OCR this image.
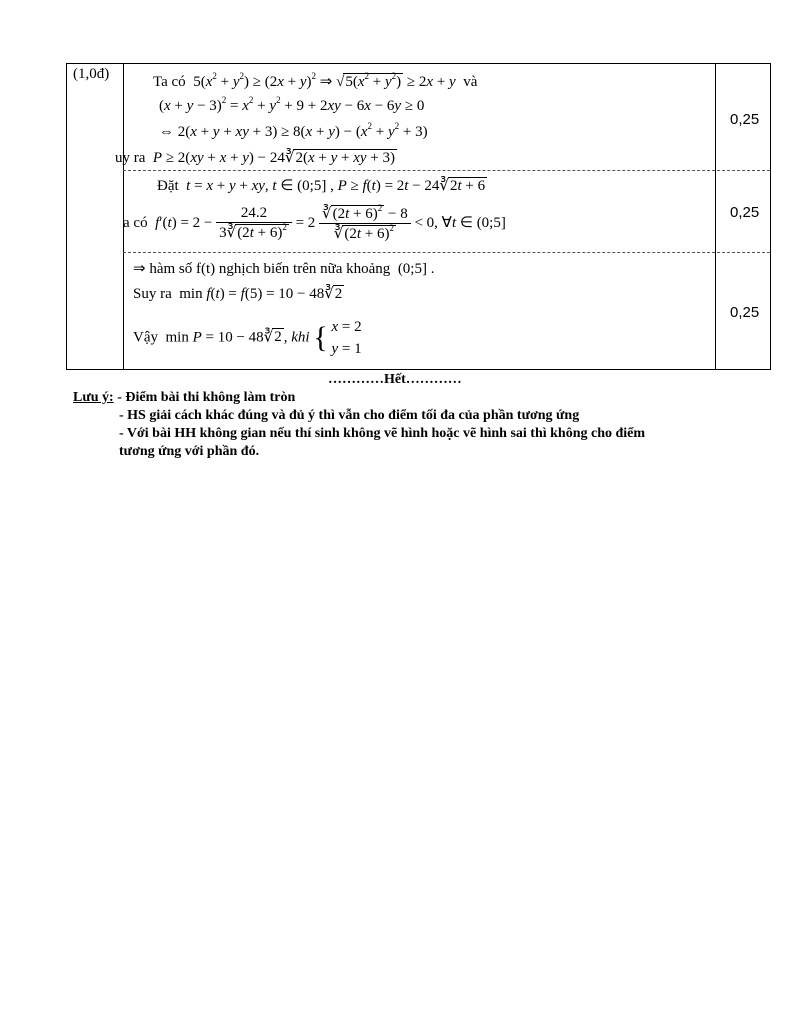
(1,0đ)	Ta có  $5(x^2 + y^2) \ge (2x + y)^2$ ⇒ $√5(x^2 + y^2) \ge 2x + y$ và
$(x + y - 3)^2 = x^2 + y^2 + 9 + 2xy - 6x - 6y \ge 0$
⇔ 2(x + y + xy + $3) \ge 8(x + y) - (x^2 + y^2 + 3)$
uy ra P ≥ 2(xy + x + y) − 24∛2(x + y + xy + 3)
0,25
Đặt t = x + y + xy, t ∈ (0;5] , P ≥ f(t) = 2t − 24∛2t + 6
a có $f'(t) = 2 - \frac{24.2}{3∛(2t + 6)^2} = 2 \frac{∛(2t + 6)^2 - 8}{∛(2t + 6)^2} < 0$, ∀t ∈ (0;5]
0,25
⇒ hàm số f(t) nghịch biến trên nữa khoảng (0;5] .
Suy ra  min f(t) = f(5) = 10 − 48∛2
Vậy  min P = 10 − 48∛2 , khi { x = 2
y = 1
0,25
…………Hết…………
Lưu ý: - Điểm bài thi không làm tròn
- HS giải cách khác đúng và đủ ý thì vẫn cho điểm tối đa của phần tương ứng
- Với bài HH không gian nếu thí sinh không vẽ hình hoặc vẽ hình sai thì không cho điểm
tương ứng với phần đó.
